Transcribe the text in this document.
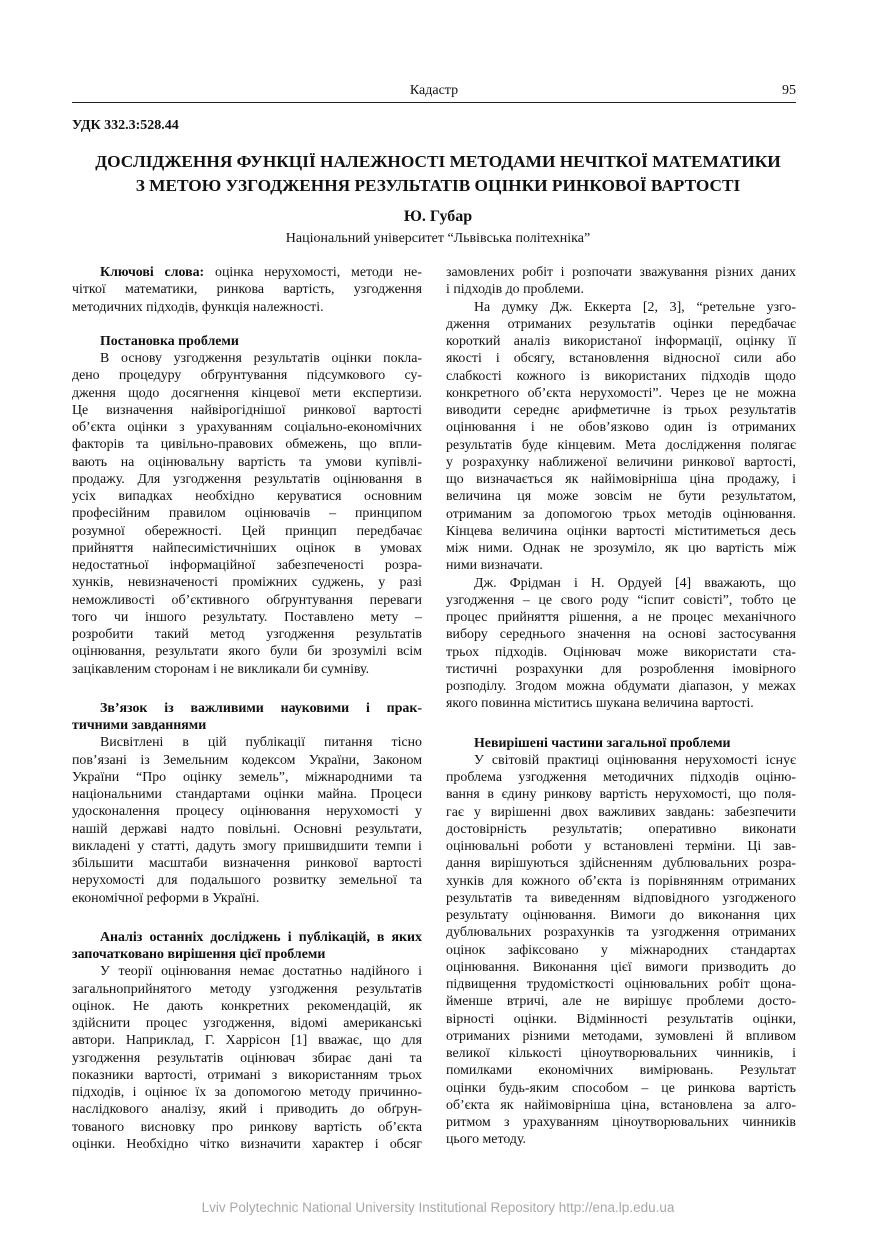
Кадастр	95
УДК 332.3:528.44
ДОСЛІДЖЕННЯ ФУНКЦІЇ НАЛЕЖНОСТІ МЕТОДАМИ НЕЧІТКОЇ МАТЕМАТИКИ
З МЕТОЮ УЗГОДЖЕННЯ РЕЗУЛЬТАТІВ ОЦІНКИ РИНКОВОЇ ВАРТОСТІ
Ю. Губар
Національний університет “Львівська політехніка”
Ключові слова: оцінка нерухомості, методи не-
чіткої математики, ринкова вартість, узгодження
методичних підходів, функція належності.
Постановка проблеми
В основу узгодження результатів оцінки покла-
дено процедуру обґрунтування підсумкового су-
дження щодо досягнення кінцевої мети експертизи.
Це визначення найвірогіднішої ринкової вартості
об’єкта оцінки з урахуванням соціально-економічних
факторів та цивільно-правових обмежень, що впли-
вають на оцінювальну вартість та умови купівлі-
продажу. Для узгодження результатів оцінювання в
усіх випадках необхідно керуватися основним
професійним правилом оцінювачів – принципом
розумної обережності. Цей принцип передбачає
прийняття найпесимістичніших оцінок в умовах
недостатньої інформаційної забезпеченості розра-
хунків, невизначеності проміжних суджень, у разі
неможливості об’єктивного обґрунтування переваги
того чи іншого результату. Поставлено мету –
розробити такий метод узгодження результатів
оцінювання, результати якого були би зрозумілі всім
зацікавленим сторонам і не викликали би сумніву.
Зв’язок із важливими науковими і прак-
тичними завданнями
Висвітлені в цій публікації питання тісно
пов’язані із Земельним кодексом України, Законом
України “Про оцінку земель”, міжнародними та
національними стандартами оцінки майна. Процеси
удосконалення процесу оцінювання нерухомості у
нашій державі надто повільні. Основні результати,
викладені у статті, дадуть змогу пришвидшити темпи і
збільшити масштаби визначення ринкової вартості
нерухомості для подальшого розвитку земельної та
економічної реформи в Україні.
Аналіз останніх досліджень і публікацій, в яких
започатковано вирішення цієї проблеми
У теорії оцінювання немає достатньо надійного і
загальноприйнятого методу узгодження результатів
оцінок. Не дають конкретних рекомендацій, як
здійснити процес узгодження, відомі американські
автори. Наприклад, Г. Харрісон [1] вважає, що для
узгодження результатів оцінювач збирає дані та
показники вартості, отримані з використанням трьох
підходів, і оцінює їх за допомогою методу причинно-
наслідкового аналізу, який і приводить до обґрун-
тованого висновку про ринкову вартість об’єкта
оцінки. Необхідно чітко визначити характер і обсяг
замовлених робіт і розпочати зважування різних даних
і підходів до проблеми.
На думку Дж. Еккерта [2, 3], “ретельне узго-
дження отриманих результатів оцінки передбачає
короткий аналіз використаної інформації, оцінку її
якості і обсягу, встановлення відносної сили або
слабкості кожного із використаних підходів щодо
конкретного об’єкта нерухомості”. Через це не можна
виводити середнє арифметичне із трьох результатів
оцінювання і не обов’язково один із отриманих
результатів буде кінцевим. Мета дослідження полягає
у розрахунку наближеної величини ринкової вартості,
що визначається як найімовірніша ціна продажу, і
величина ця може зовсім не бути результатом,
отриманим за допомогою трьох методів оцінювання.
Кінцева величина оцінки вартості міститиметься десь
між ними. Однак не зрозуміло, як цю вартість між
ними визначати.
Дж. Фрідман і Н. Ордуей [4] вважають, що
узгодження – це свого роду “іспит совісті”, тобто це
процес прийняття рішення, а не процес механічного
вибору середнього значення на основі застосування
трьох підходів. Оцінювач може використати ста-
тистичні розрахунки для розроблення імовірного
розподілу. Згодом можна обдумати діапазон, у межах
якого повинна міститись шукана величина вартості.
Невирішені частини загальної проблеми
У світовій практиці оцінювання нерухомості існує
проблема узгодження методичних підходів оціню-
вання в єдину ринкову вартість нерухомості, що поля-
гає у вирішенні двох важливих завдань: забезпечити
достовірність результатів; оперативно виконати
оцінювальні роботи у встановлені терміни. Ці зав-
дання вирішуються здійсненням дублювальних розра-
хунків для кожного об’єкта із порівнянням отриманих
результатів та виведенням відповідного узгодженого
результату оцінювання. Вимоги до виконання цих
дублювальних розрахунків та узгодження отриманих
оцінок зафіксовано у міжнародних стандартах
оцінювання. Виконання цієї вимоги призводить до
підвищення трудомісткості оцінювальних робіт щона-
йменше втричі, але не вирішує проблеми досто-
вірності оцінки. Відмінності результатів оцінки,
отриманих різними методами, зумовлені й впливом
великої кількості ціноутворювальних чинників, і
помилками економічних вимірювань. Результат
оцінки будь-яким способом – це ринкова вартість
об’єкта як найімовірніша ціна, встановлена за алго-
ритмом з урахуванням ціноутворювальних чинників
цього методу.
Lviv Polytechnic National University Institutional Repository http://ena.lp.edu.ua
